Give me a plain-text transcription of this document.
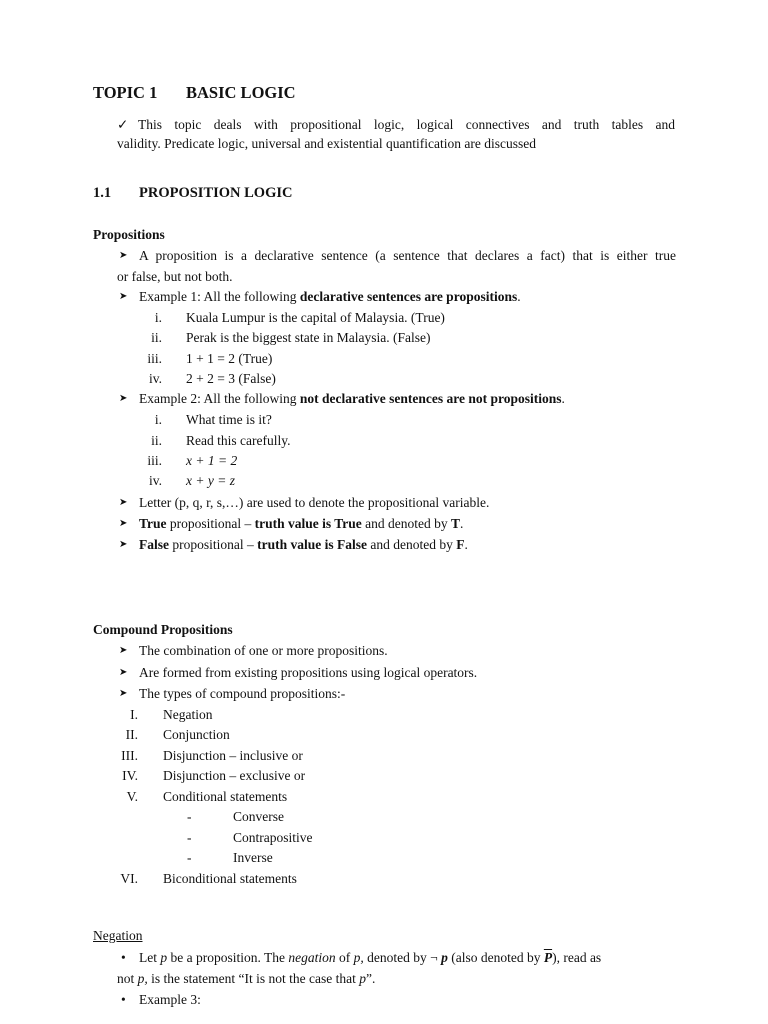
TOPIC 1 BASIC LOGIC
✓ This topic deals with propositional logic, logical connectives and truth tables and
validity. Predicate logic, universal and existential quantification are discussed
1.1 PROPOSITION LOGIC
Propositions
➤ A proposition is a declarative sentence (a sentence that declares a fact) that is either true
or false, but not both.
➤ Example 1: All the following declarative sentences are propositions.
i. Kuala Lumpur is the capital of Malaysia. (True)
ii. Perak is the biggest state in Malaysia. (False)
iii. 1 + 1 = 2 (True)
iv. 2 + 2 = 3 (False)
➤ Example 2: All the following not declarative sentences are not propositions.
i. What time is it?
ii. Read this carefully.
iii. x + 1 = 2
iv. x + y = z
➤ Letter (p, q, r, s,…) are used to denote the propositional variable.
➤ True propositional – truth value is True and denoted by T.
➤ False propositional – truth value is False and denoted by F.
Compound Propositions
➤ The combination of one or more propositions.
➤ Are formed from existing propositions using logical operators.
➤ The types of compound propositions:-
I. Negation
II. Conjunction
III. Disjunction – inclusive or
IV. Disjunction – exclusive or
V. Conditional statements
-	Converse
-	Contrapositive
-	Inverse
VI. Biconditional statements
Negation
• Let p be a proposition. The negation of p, denoted by ¬ p (also denoted by $\overline{P}$), read as
not p, is the statement “It is not the case that p”.
• Example 3:
